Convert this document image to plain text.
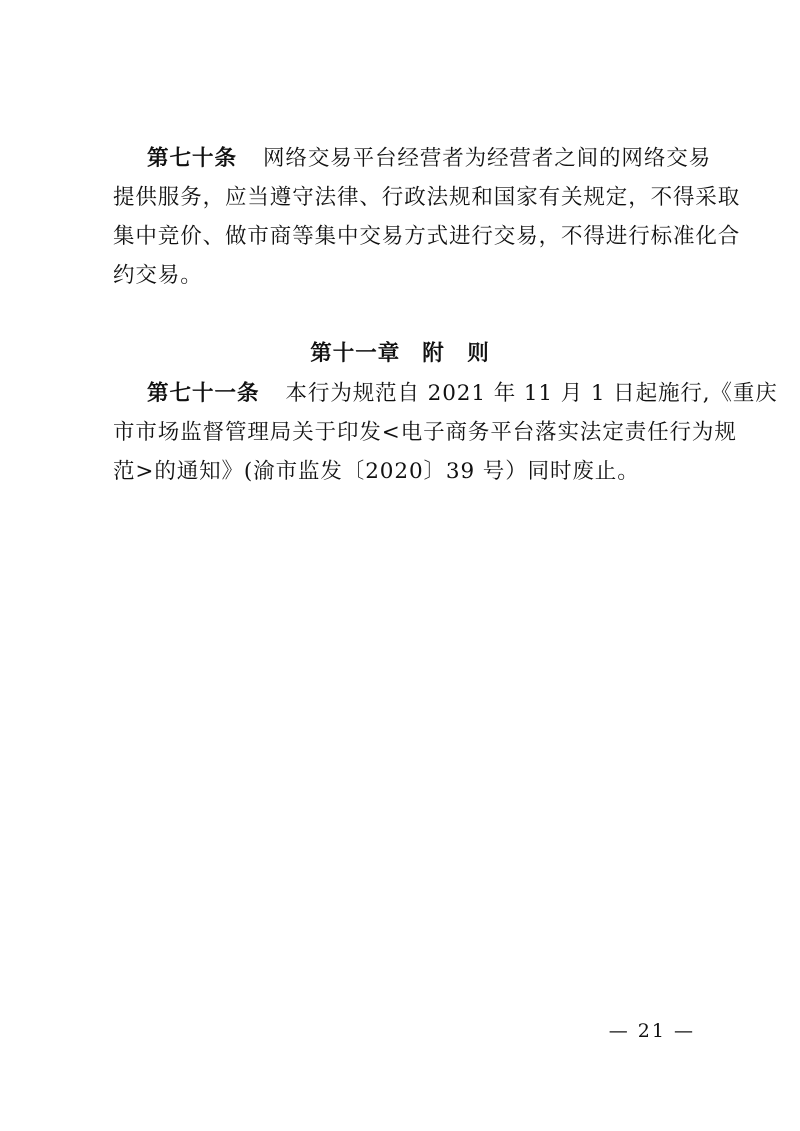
第七十条 网络交易平台经营者为经营者之间的网络交易
提供服务，应当遵守法律、行政法规和国家有关规定，不得采取
集中竞价、做市商等集中交易方式进行交易，不得进行标准化合
约交易。
第十一章 附　则
第七十一条 本行为规范自 2021 年 11 月 1 日起施行,《重庆
市市场监督管理局关于印发<电子商务平台落实法定责任行为规
范>的通知》(渝市监发〔2020〕39 号）同时废止。
— 21 —
